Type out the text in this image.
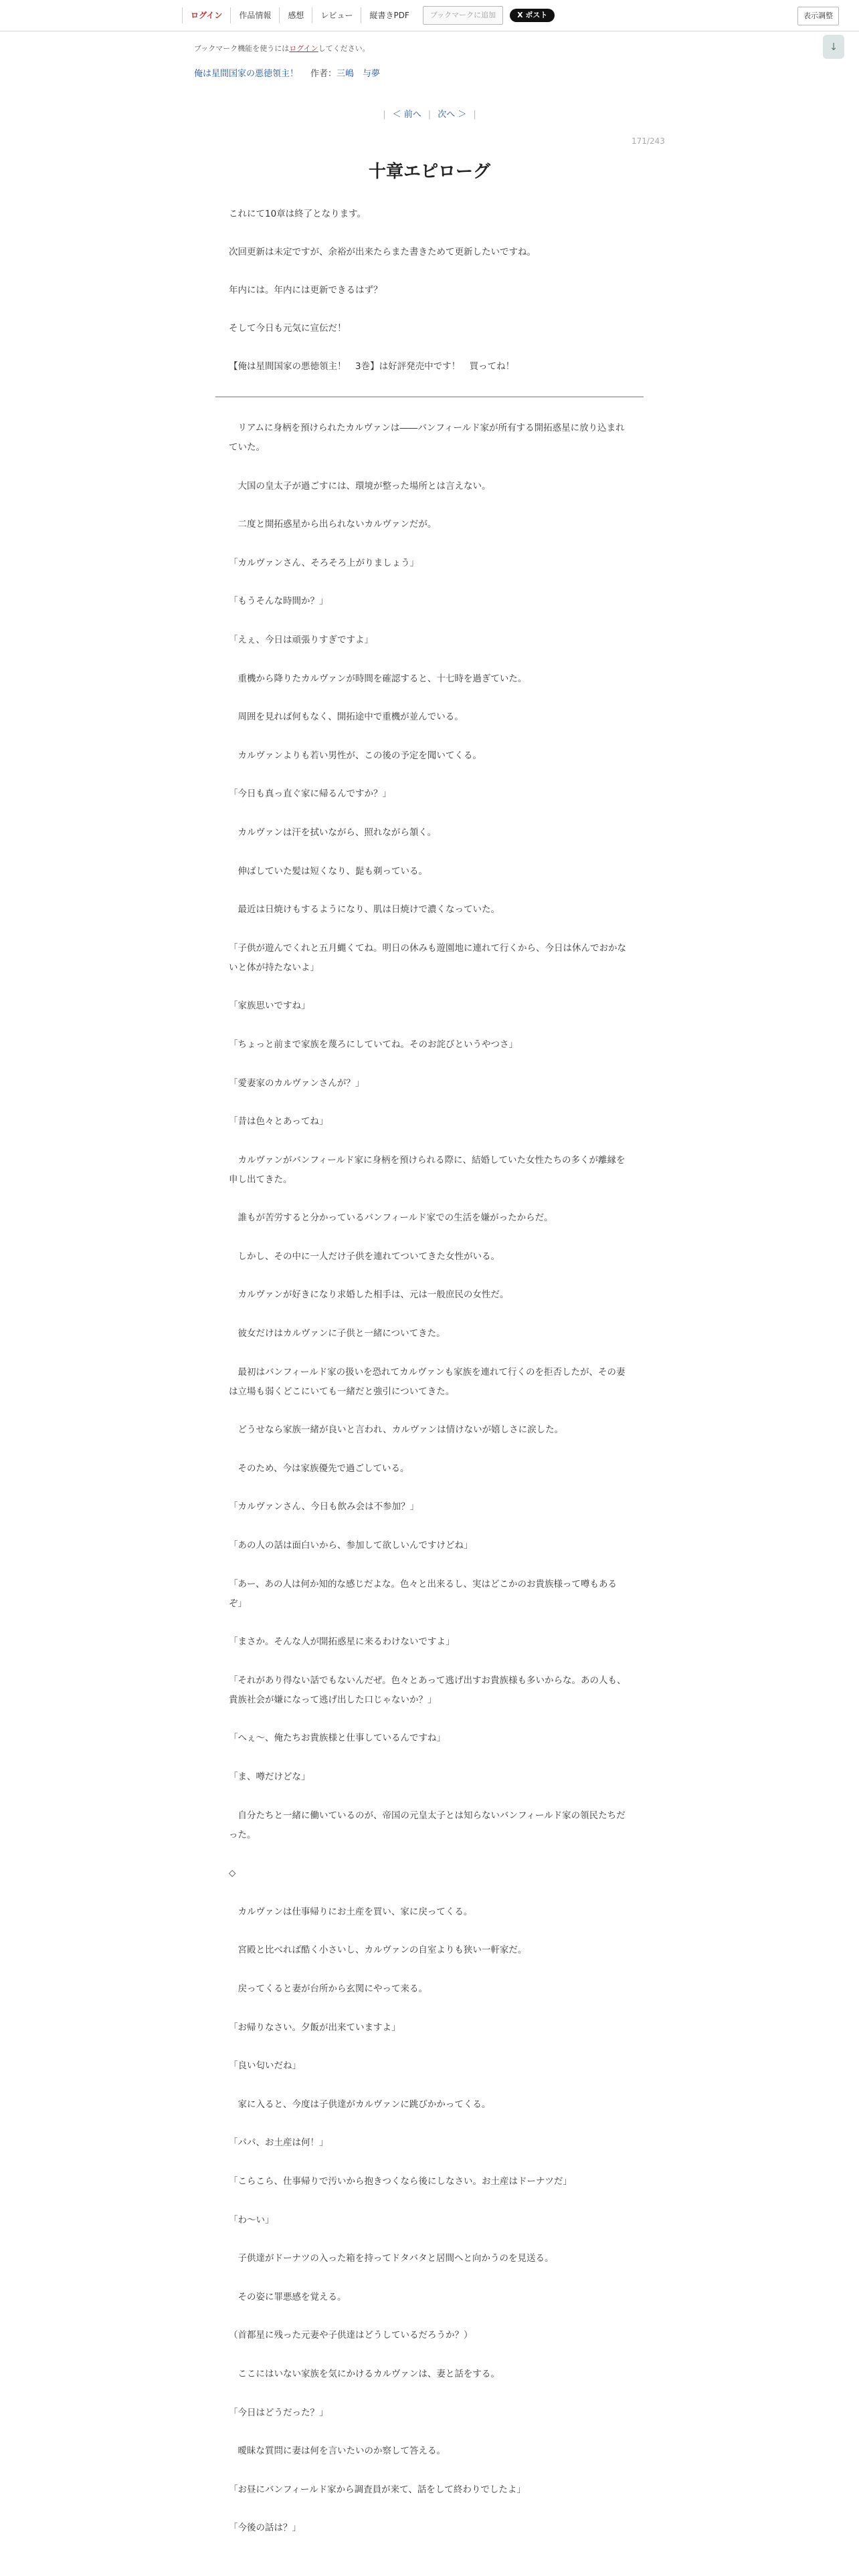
ログイン	作品情報	感想	レビュー	縦書きPDF	ブックマークに追加	X ポスト	表示調整
ブックマーク機能を使うにはログインしてください。	↓
俺は星間国家の悪徳領主！ 作者：三嶋　与夢
| ＜ 前へ | 次へ ＞ |
171/243
十章エピローグ

これにて10章は終了となります。

次回更新は未定ですが、余裕が出来たらまた書きためて更新したいですね。

年内には。年内には更新できるはず？

そして今日も元気に宣伝だ！

【俺は星間国家の悪徳領主！　3巻】は好評発売中です！　買ってね！

　リアムに身柄を預けられたカルヴァンは――バンフィールド家が所有する開拓惑星に放り込まれていた。

　大国の皇太子が過ごすには、環境が整った場所とは言えない。

　二度と開拓惑星から出られないカルヴァンだが。

「カルヴァンさん、そろそろ上がりましょう」

「もうそんな時間か？」

「えぇ、今日は頑張りすぎですよ」

　重機から降りたカルヴァンが時間を確認すると、十七時を過ぎていた。

　周囲を見れば何もなく、開拓途中で重機が並んでいる。

　カルヴァンよりも若い男性が、この後の予定を聞いてくる。

「今日も真っ直ぐ家に帰るんですか？」

　カルヴァンは汗を拭いながら、照れながら頷く。

　伸ばしていた髪は短くなり、髭も剃っている。

　最近は日焼けもするようになり、肌は日焼けで濃くなっていた。

「子供が遊んでくれと五月蝿くてね。明日の休みも遊園地に連れて行くから、今日は休んでおかないと体が持たないよ」

「家族思いですね」

「ちょっと前まで家族を蔑ろにしていてね。そのお詫びというやつさ」

「愛妻家のカルヴァンさんが？」

「昔は色々とあってね」

　カルヴァンがバンフィールド家に身柄を預けられる際に、結婚していた女性たちの多くが離縁を申し出てきた。

　誰もが苦労すると分かっているバンフィールド家での生活を嫌がったからだ。

　しかし、その中に一人だけ子供を連れてついてきた女性がいる。

　カルヴァンが好きになり求婚した相手は、元は一般庶民の女性だ。

　彼女だけはカルヴァンに子供と一緒についてきた。

　最初はバンフィールド家の扱いを恐れてカルヴァンも家族を連れて行くのを拒否したが、その妻は立場も弱くどこにいても一緒だと強引についてきた。

　どうせなら家族一緒が良いと言われ、カルヴァンは情けないが嬉しさに涙した。

　そのため、今は家族優先で過ごしている。

「カルヴァンさん、今日も飲み会は不参加？」

「あの人の話は面白いから、参加して欲しいんですけどね」

「あー、あの人は何か知的な感じだよな。色々と出来るし、実はどこかのお貴族様って噂もあるぞ」

「まさか。そんな人が開拓惑星に来るわけないですよ」

「それがあり得ない話でもないんだぜ。色々とあって逃げ出すお貴族様も多いからな。あの人も、貴族社会が嫌になって逃げ出した口じゃないか？」

「へぇ～、俺たちお貴族様と仕事しているんですね」

「ま、噂だけどな」

　自分たちと一緒に働いているのが、帝国の元皇太子とは知らないバンフィールド家の領民たちだった。

◇

　カルヴァンは仕事帰りにお土産を買い、家に戻ってくる。

　宮殿と比べれば酷く小さいし、カルヴァンの自室よりも狭い一軒家だ。

　戻ってくると妻が台所から玄関にやって来る。

「お帰りなさい。夕飯が出来ていますよ」

「良い匂いだね」

　家に入ると、今度は子供達がカルヴァンに跳びかかってくる。

「パパ、お土産は何！」

「こらこら、仕事帰りで汚いから抱きつくなら後にしなさい。お土産はドーナツだ」

「わ～い」

　子供達がドーナツの入った箱を持ってドタバタと居間へと向かうのを見送る。

　その姿に罪悪感を覚える。

（首都星に残った元妻や子供達はどうしているだろうか？）

　ここにはいない家族を気にかけるカルヴァンは、妻と話をする。

「今日はどうだった？」

　曖昧な質問に妻は何を言いたいのか察して答える。

「お昼にバンフィールド家から調査員が来て、話をして終わりでしたよ」

「今後の話は？」
